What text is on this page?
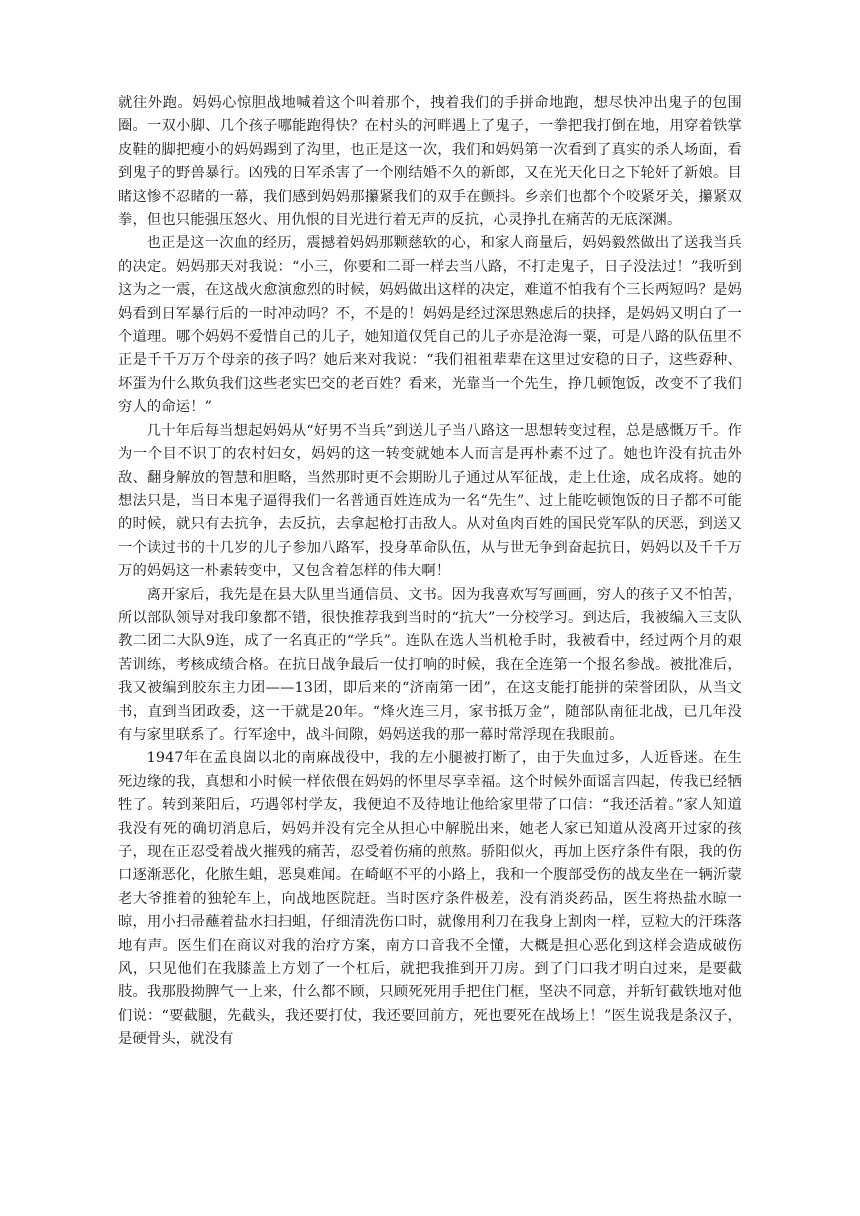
就往外跑。妈妈心惊胆战地喊着这个叫着那个，拽着我们的手拼命地跑，想尽快冲出鬼子的包围圈。一双小脚、几个孩子哪能跑得快？在村头的河畔遇上了鬼子，一拳把我打倒在地，用穿着铁掌皮鞋的脚把瘦小的妈妈踢到了沟里，也正是这一次，我们和妈妈第一次看到了真实的杀人场面，看到鬼子的野兽暴行。凶残的日军杀害了一个刚结婚不久的新郎，又在光天化日之下轮奸了新娘。目睹这惨不忍睹的一幕，我们感到妈妈那攥紧我们的双手在颤抖。乡亲们也都个个咬紧牙关，攥紧双拳，但也只能强压怒火、用仇恨的目光进行着无声的反抗，心灵挣扎在痛苦的无底深渊。

也正是这一次血的经历，震撼着妈妈那颗慈软的心，和家人商量后，妈妈毅然做出了送我当兵的决定。妈妈那天对我说：“小三，你要和二哥一样去当八路，不打走鬼子，日子没法过！”我听到这为之一震，在这战火愈演愈烈的时候，妈妈做出这样的决定，难道不怕我有个三长两短吗？是妈妈看到日军暴行后的一时冲动吗？不，不是的！妈妈是经过深思熟虑后的抉择，是妈妈又明白了一个道理。哪个妈妈不爱惜自己的儿子，她知道仅凭自己的儿子亦是沧海一粟，可是八路的队伍里不正是千千万万个母亲的孩子吗？她后来对我说：“我们祖祖辈辈在这里过安稳的日子，这些孬种、坏蛋为什么欺负我们这些老实巴交的老百姓？看来，光靠当一个先生，挣几顿饱饭，改变不了我们穷人的命运！”

几十年后每当想起妈妈从“好男不当兵”到送儿子当八路这一思想转变过程，总是感慨万千。作为一个目不识丁的农村妇女，妈妈的这一转变就她本人而言是再朴素不过了。她也许没有抗击外敌、翻身解放的智慧和胆略，当然那时更不会期盼儿子通过从军征战，走上仕途，成名成将。她的想法只是，当日本鬼子逼得我们一名普通百姓连成为一名“先生”、过上能吃顿饱饭的日子都不可能的时候，就只有去抗争，去反抗，去拿起枪打击敌人。从对鱼肉百姓的国民党军队的厌恶，到送又一个读过书的十几岁的儿子参加八路军，投身革命队伍，从与世无争到奋起抗日，妈妈以及千千万万的妈妈这一朴素转变中，又包含着怎样的伟大啊！

离开家后，我先是在县大队里当通信员、文书。因为我喜欢写写画画，穷人的孩子又不怕苦，所以部队领导对我印象都不错，很快推荐我到当时的“抗大”一分校学习。到达后，我被编入三支队教二团二大队9连，成了一名真正的“学兵”。连队在选人当机枪手时，我被看中，经过两个月的艰苦训练，考核成绩合格。在抗日战争最后一仗打响的时候，我在全连第一个报名参战。被批准后，我又被编到胶东主力团——13团，即后来的“济南第一团”，在这支能打能拼的荣誉团队，从当文书，直到当团政委，这一干就是20年。“烽火连三月，家书抵万金”，随部队南征北战，已几年没有与家里联系了。行军途中，战斗间隙，妈妈送我的那一幕时常浮现在我眼前。

1947年在孟良崮以北的南麻战役中，我的左小腿被打断了，由于失血过多，人近昏迷。在生死边缘的我，真想和小时候一样依偎在妈妈的怀里尽享幸福。这个时候外面谣言四起，传我已经牺牲了。转到莱阳后，巧遇邻村学友，我便迫不及待地让他给家里带了口信：“我还活着。”家人知道我没有死的确切消息后，妈妈并没有完全从担心中解脱出来，她老人家已知道从没离开过家的孩子，现在正忍受着战火摧残的痛苦，忍受着伤痛的煎熬。骄阳似火，再加上医疗条件有限，我的伤口逐渐恶化，化脓生蛆，恶臭难闻。在崎岖不平的小路上，我和一个腹部受伤的战友坐在一辆沂蒙老大爷推着的独轮车上，向战地医院赶。当时医疗条件极差，没有消炎药品，医生将热盐水晾一晾，用小扫帚蘸着盐水扫扫蛆，仔细清洗伤口时，就像用利刀在我身上割肉一样，豆粒大的汗珠落地有声。医生们在商议对我的治疗方案，南方口音我不全懂，大概是担心恶化到这样会造成破伤风，只见他们在我膝盖上方划了一个杠后，就把我推到开刀房。到了门口我才明白过来，是要截肢。我那股拗脾气一上来，什么都不顾，只顾死死用手把住门框，坚决不同意，并斩钉截铁地对他们说：“要截腿，先截头，我还要打仗，我还要回前方，死也要死在战场上！”医生说我是条汉子，是硬骨头，就没有
